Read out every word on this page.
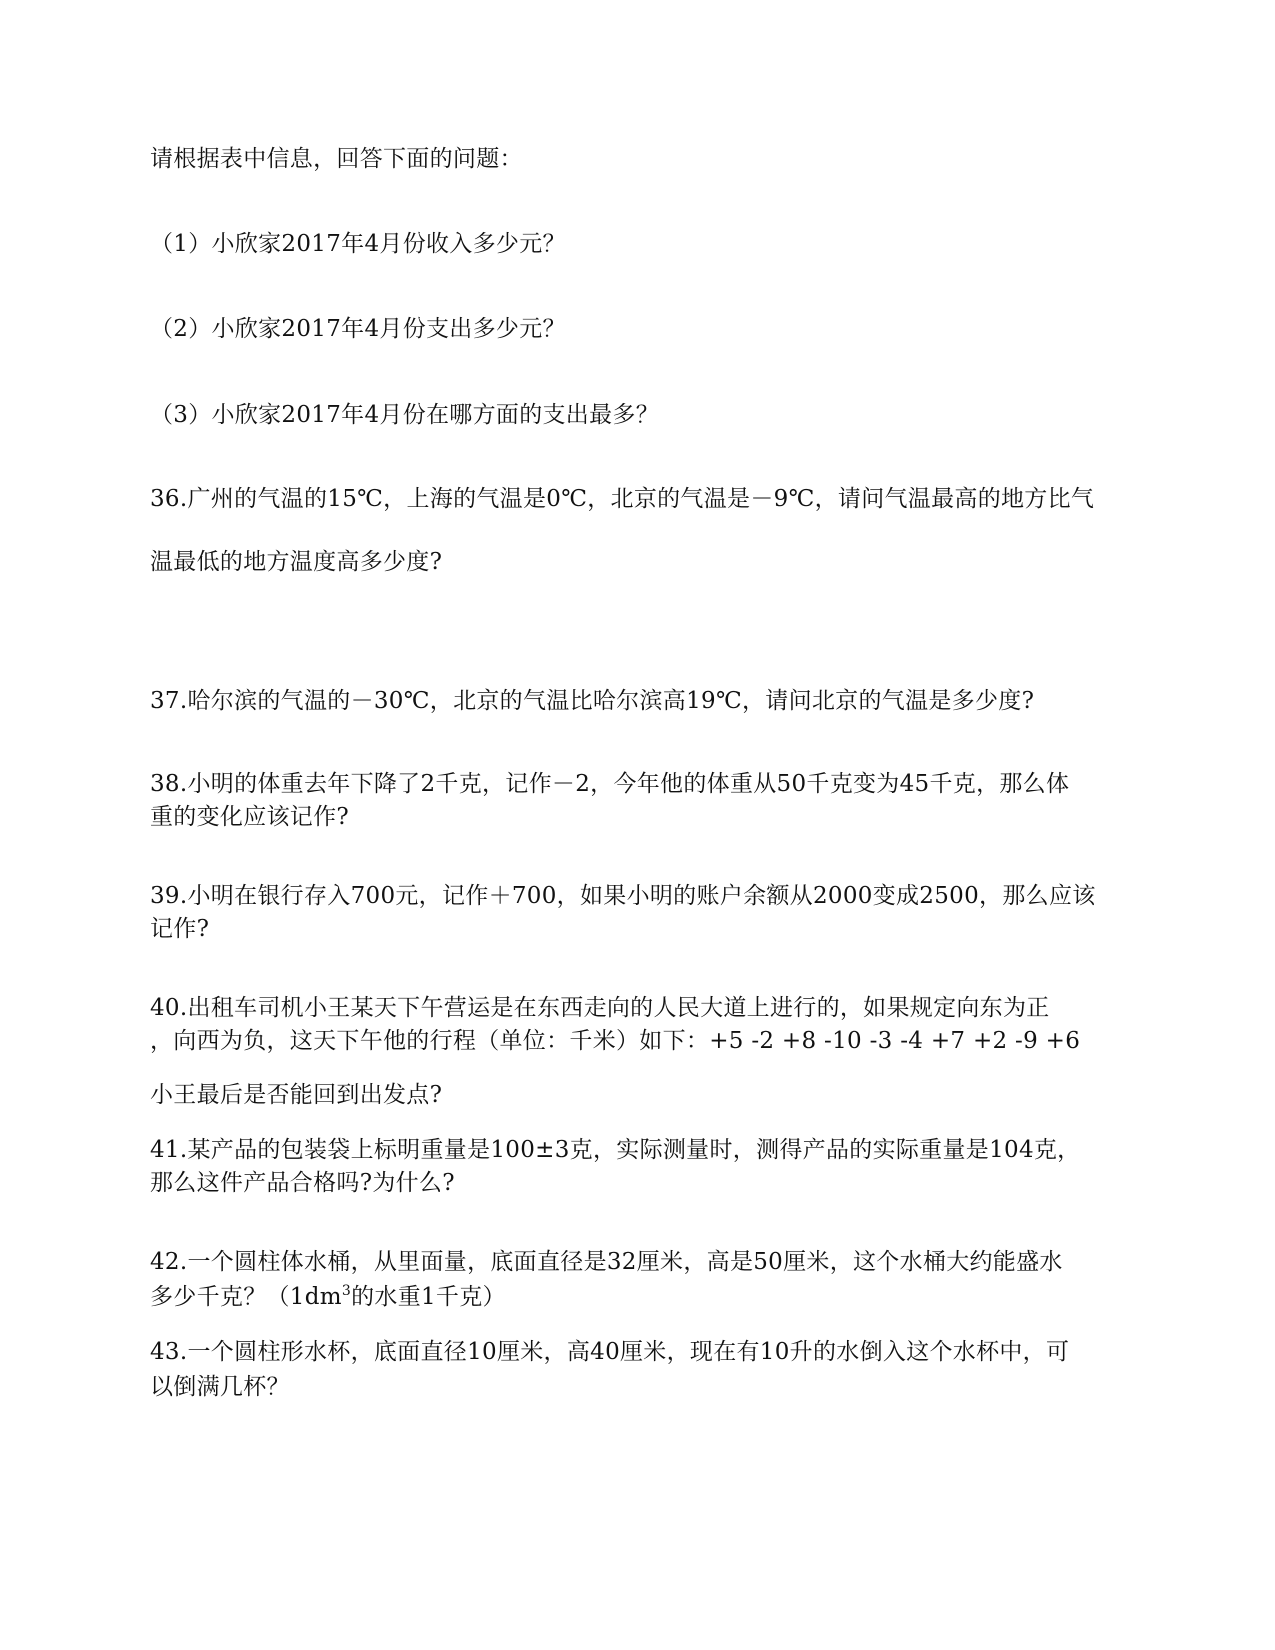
请根据表中信息，回答下面的问题：
（1）小欣家2017年4月份收入多少元？
（2）小欣家2017年4月份支出多少元？
（3）小欣家2017年4月份在哪方面的支出最多？
36.广州的气温的15℃，上海的气温是0℃，北京的气温是－9℃，请问气温最高的地方比气
温最低的地方温度高多少度?
37.哈尔滨的气温的－30℃，北京的气温比哈尔滨高19℃，请问北京的气温是多少度?
38.小明的体重去年下降了2千克，记作－2，今年他的体重从50千克变为45千克，那么体
重的变化应该记作?
39.小明在银行存入700元，记作＋700，如果小明的账户余额从2000变成2500，那么应该
记作?
40.出租车司机小王某天下午营运是在东西走向的人民大道上进行的，如果规定向东为正
，向西为负，这天下午他的行程（单位：千米）如下：+5 -2 +8 -10 -3 -4 +7 +2 -9 +6
小王最后是否能回到出发点?
41.某产品的包装袋上标明重量是100±3克，实际测量时，测得产品的实际重量是104克，
那么这件产品合格吗?为什么?
42.一个圆柱体水桶，从里面量，底面直径是32厘米，高是50厘米，这个水桶大约能盛水
多少千克？（$1dm^3$的水重1千克）
43.一个圆柱形水杯，底面直径10厘米，高40厘米，现在有10升的水倒入这个水杯中，可
以倒满几杯？
